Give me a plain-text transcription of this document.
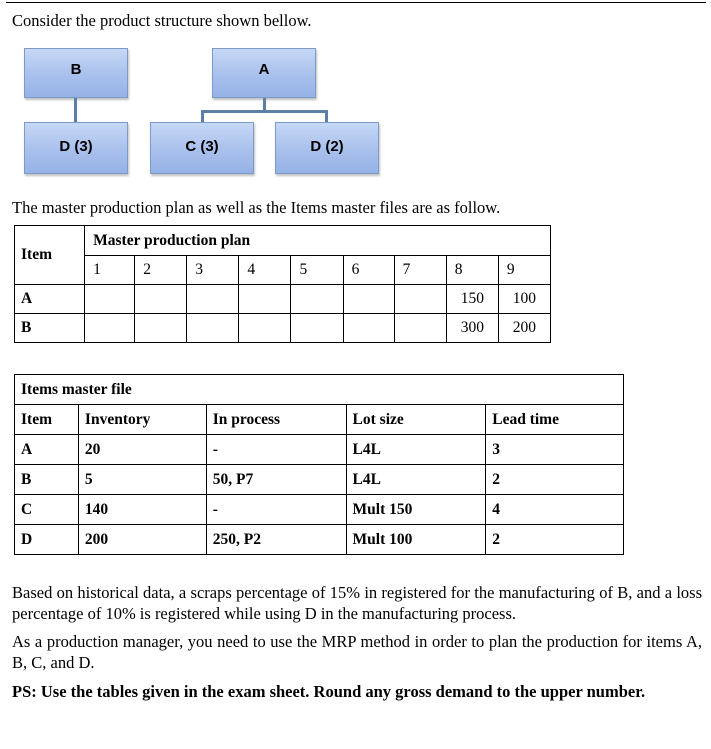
Consider the product structure shown bellow.
B	A
D (3)	C (3)	D (2)
The master production plan as well as the Items master files are as follow.
Item	Master production plan								
	1	2	3	4	5	6	7	8	9
A								150	100
B								300	200
Items master file				
Item	Inventory	In process	Lot size	Lead time
A	20	-	L4L	3
B	5	50, P7	L4L	2
C	140	-	Mult 150	4
D	200	250, P2	Mult 100	2
Based on historical data, a scraps percentage of 15% in registered for the manufacturing of B, and a loss percentage of 10% is registered while using D in the manufacturing process.
As a production manager, you need to use the MRP method in order to plan the production for items A, B, C, and D.
PS: Use the tables given in the exam sheet. Round any gross demand to the upper number.
